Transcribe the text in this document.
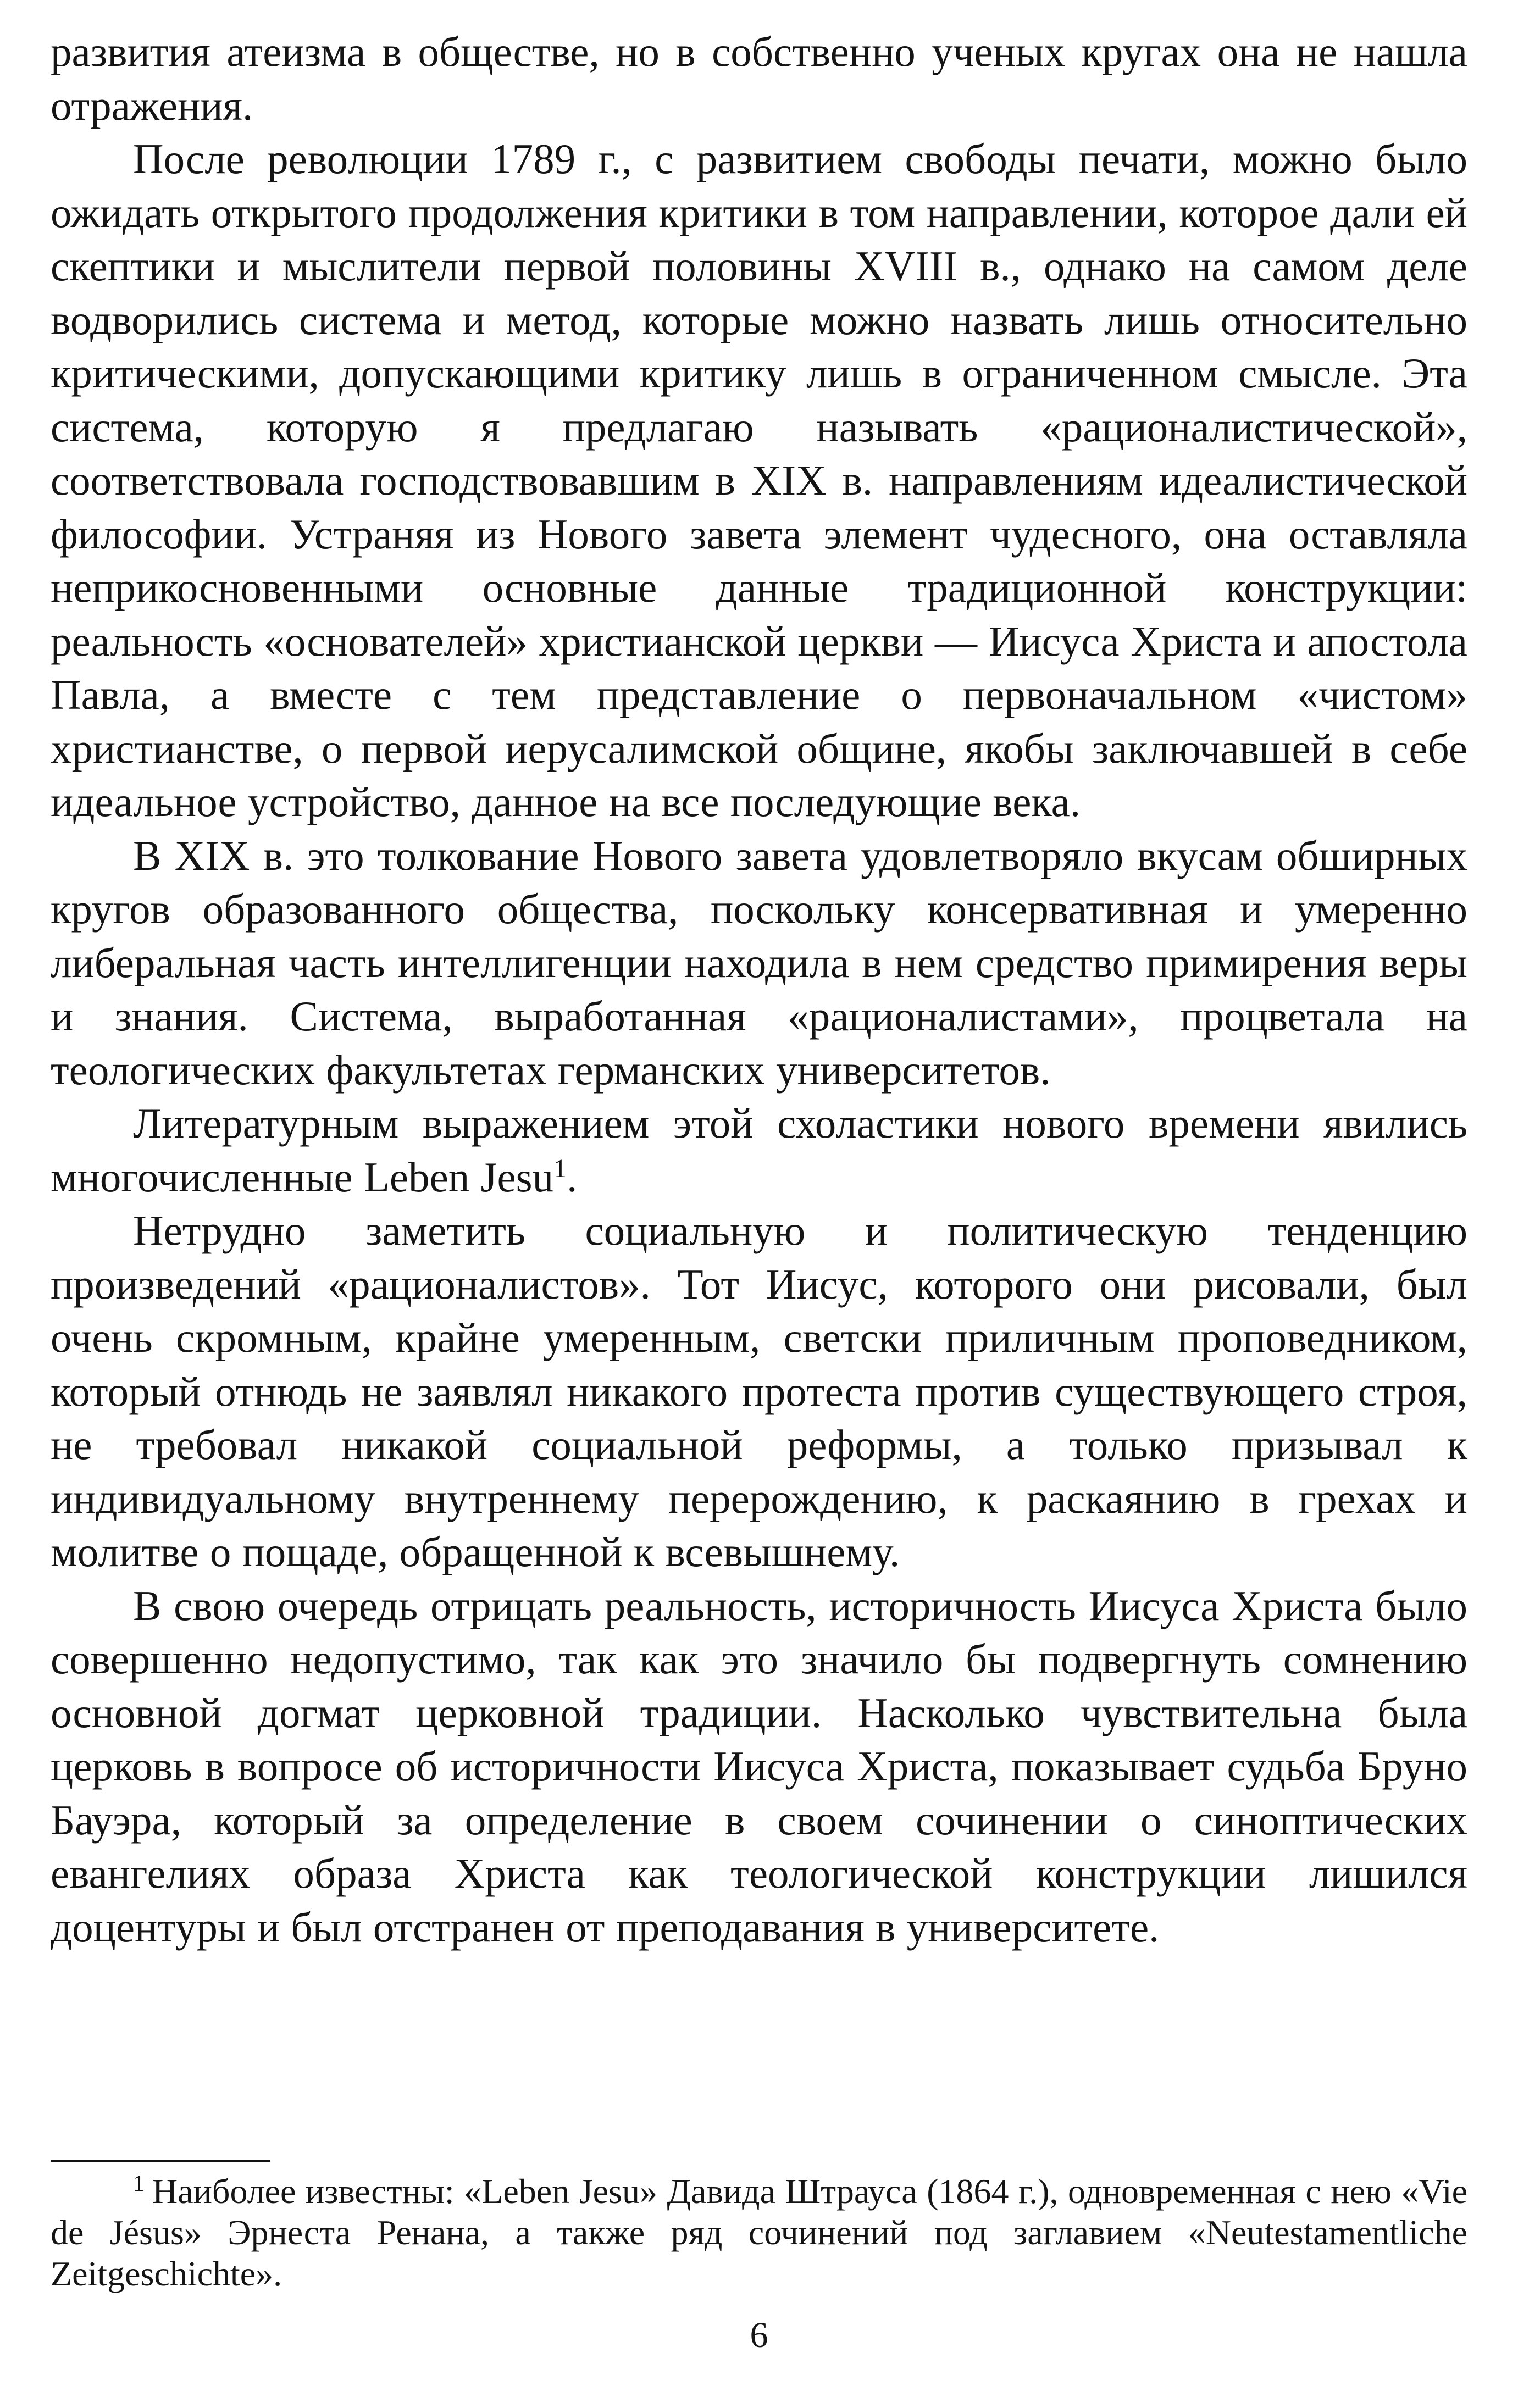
развития атеизма в обществе, но в собственно ученых кругах она не нашла отражения.

После революции 1789 г., с развитием свободы печати, можно было ожидать открытого продолжения критики в том направлении, которое дали ей скептики и мыслители первой половины XVIII в., однако на самом деле водворились система и метод, которые можно назвать лишь относительно критическими, допускающими критику лишь в ограниченном смысле. Эта система, которую я предлагаю называть «рационалистической», соответствовала господствовавшим в XIX в. направлениям идеалистической философии. Устраняя из Нового завета элемент чудесного, она оставляла неприкосновенными основные данные традиционной конструкции: реальность «основателей» христианской церкви — Иисуса Христа и апостола Павла, а вместе с тем представление о первоначальном «чистом» христианстве, о первой иерусалимской общине, якобы заключавшей в себе идеальное устройство, данное на все последующие века.

В XIX в. это толкование Нового завета удовлетворяло вкусам обширных кругов образованного общества, поскольку консервативная и умеренно либеральная часть интеллигенции находила в нем средство примирения веры и знания. Система, выработанная «рационалистами», процветала на теологических факультетах германских университетов.

Литературным выражением этой схоластики нового времени явились многочисленные Leben Jesu$^1$.

Нетрудно заметить социальную и политическую тенденцию произведений «рационалистов». Тот Иисус, которого они рисовали, был очень скромным, крайне умеренным, светски приличным проповедником, который отнюдь не заявлял никакого протеста против существующего строя, не требовал никакой социальной реформы, а только призывал к индивидуальному внутреннему перерождению, к раскаянию в грехах и молитве о пощаде, обращенной к всевышнему.

В свою очередь отрицать реальность, историчность Иисуса Христа было совершенно недопустимо, так как это значило бы подвергнуть сомнению основной догмат церковной традиции. Насколько чувствительна была церковь в вопросе об историчности Иисуса Христа, показывает судьба Бруно Бауэра, который за определение в своем сочинении о синоптических евангелиях образа Христа как теологической конструкции лишился доцентуры и был отстранен от преподавания в университете.

$^1$ Наиболее известны: «Leben Jesu» Давида Штрауса (1864 г.), одновременная с нею «Vie de Jésus» Эрнеста Ренана, а также ряд сочинений под заглавием «Neutestamentliche Zeitgeschichte».

6
